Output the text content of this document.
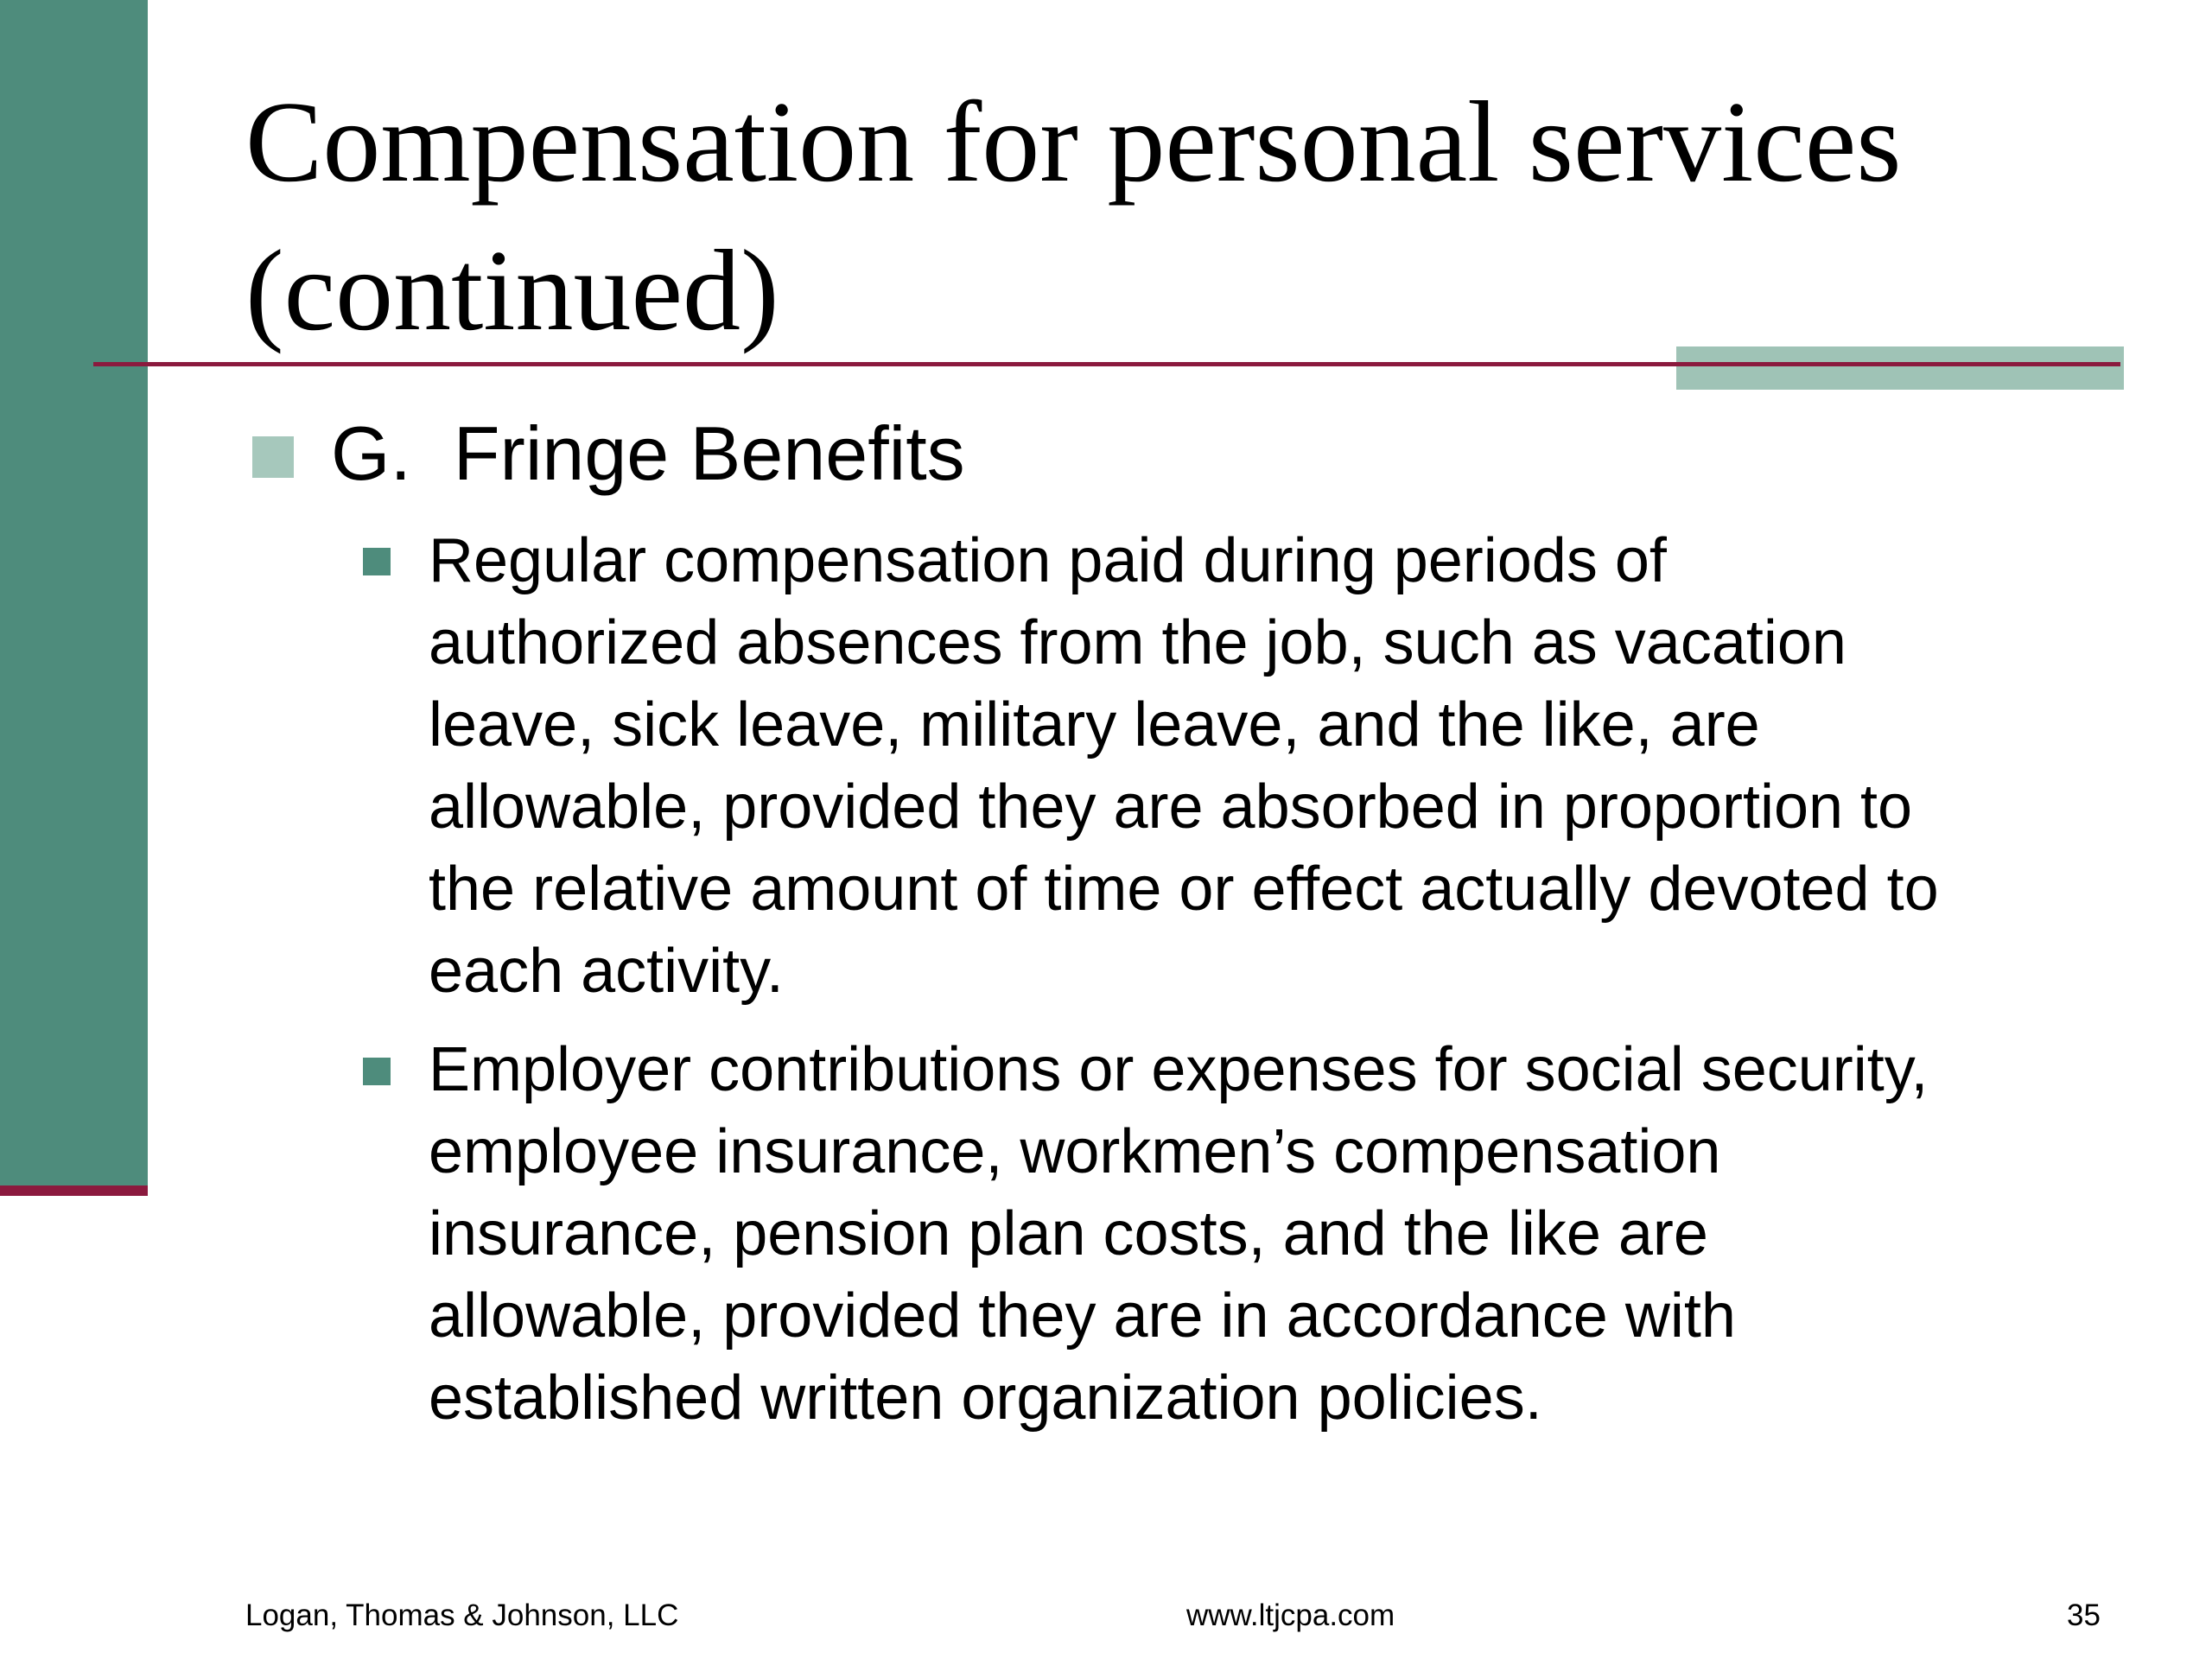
Compensation for personal services
(continued)

G.  Fringe Benefits

Regular compensation paid during periods of
authorized absences from the job, such as vacation
leave, sick leave, military leave, and the like, are
allowable, provided they are absorbed in proportion to
the relative amount of time or effect actually devoted to
each activity.

Employer contributions or expenses for social security,
employee insurance, workmen’s compensation
insurance, pension plan costs, and the like are
allowable, provided they are in accordance with
established written organization policies.

Logan, Thomas & Johnson, LLC	www.ltjcpa.com	35
